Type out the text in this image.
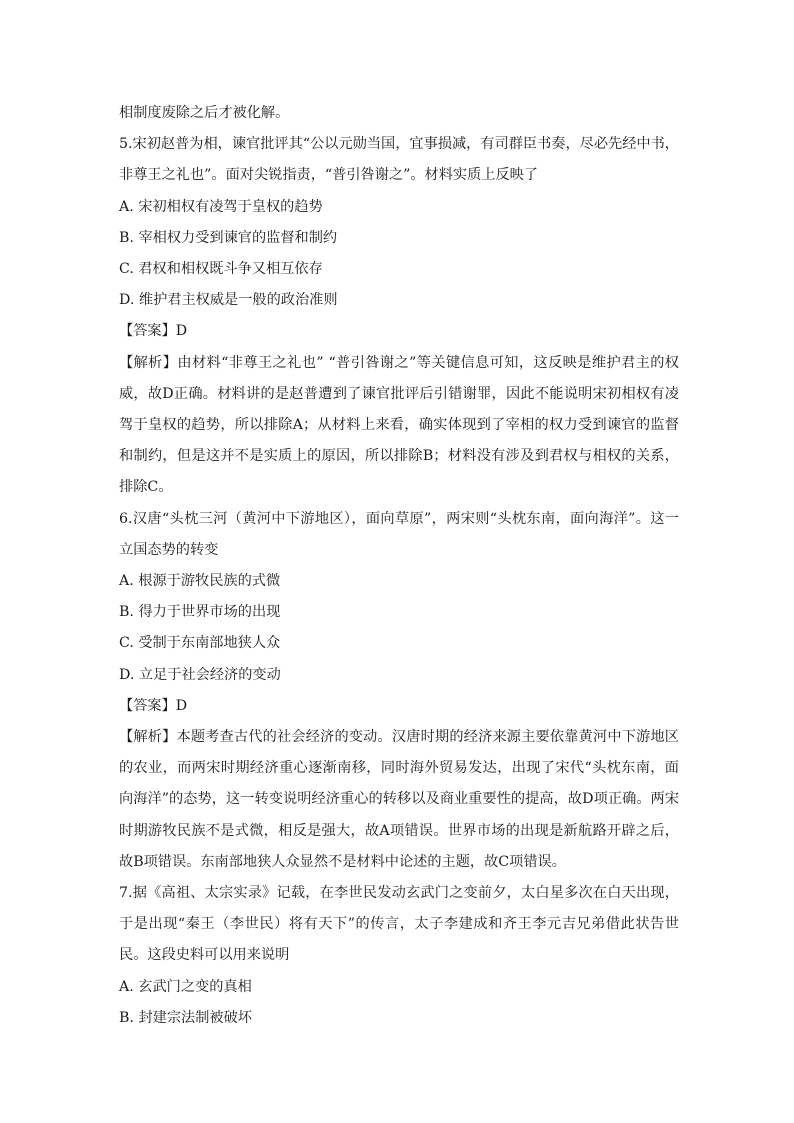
相制度废除之后才被化解。
5.宋初赵普为相，谏官批评其“公以元勋当国，宜事损减，有司群臣书奏，尽必先经中书，非尊王之礼也”。面对尖锐指责，“普引咎谢之”。材料实质上反映了
A. 宋初相权有凌驾于皇权的趋势
B. 宰相权力受到谏官的监督和制约
C. 君权和相权既斗争又相互依存
D. 维护君主权威是一般的政治准则
【答案】D
【解析】由材料“非尊王之礼也” “普引咎谢之”等关键信息可知，这反映是维护君主的权威，故D正确。材料讲的是赵普遭到了谏官批评后引错谢罪，因此不能说明宋初相权有凌驾于皇权的趋势，所以排除A；从材料上来看，确实体现到了宰相的权力受到谏官的监督和制约，但是这并不是实质上的原因，所以排除B；材料没有涉及到君权与相权的关系，排除C。
6.汉唐“头枕三河（黄河中下游地区），面向草原”，两宋则“头枕东南，面向海洋”。这一立国态势的转变
A. 根源于游牧民族的式微
B. 得力于世界市场的出现
C. 受制于东南部地狭人众
D. 立足于社会经济的变动
【答案】D
【解析】本题考查古代的社会经济的变动。汉唐时期的经济来源主要依靠黄河中下游地区的农业，而两宋时期经济重心逐渐南移，同时海外贸易发达，出现了宋代“头枕东南，面向海洋”的态势，这一转变说明经济重心的转移以及商业重要性的提高，故D项正确。两宋时期游牧民族不是式微，相反是强大，故A项错误。世界市场的出现是新航路开辟之后，故B项错误。东南部地狭人众显然不是材料中论述的主题，故C项错误。
7.据《高祖、太宗实录》记载，在李世民发动玄武门之变前夕，太白星多次在白天出现，于是出现“秦王（李世民）将有天下”的传言，太子李建成和齐王李元吉兄弟借此状告世民。这段史料可以用来说明
A. 玄武门之变的真相
B. 封建宗法制被破坏
